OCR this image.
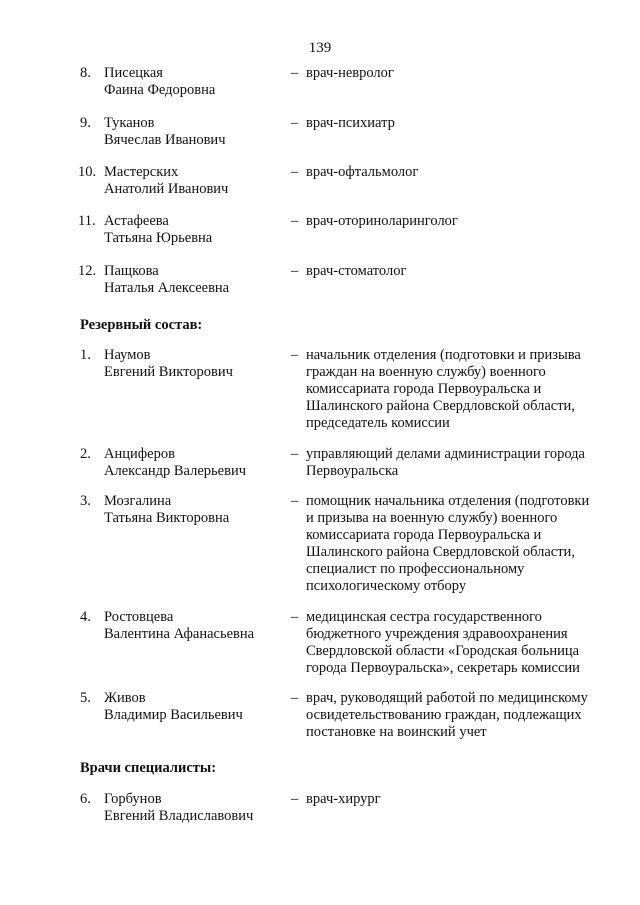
139
8. Писецкая
Фаина Федоровна
– врач-невролог
9. Туканов
Вячеслав Иванович
– врач-психиатр
10. Мастерских
Анатолий Иванович
– врач-офтальмолог
11. Астафеева
Татьяна Юрьевна
– врач-оториноларинголог
12. Пащкова
Наталья Алексеевна
– врач-стоматолог
Резервный состав:
1. Наумов
Евгений Викторович
– начальник отделения (подготовки и призыва
граждан на военную службу) военного
комиссариата города Первоуральска и
Шалинского района Свердловской области,
председатель комиссии
2. Анциферов
Александр Валерьевич
– управляющий делами администрации города
Первоуральска
3. Мозгалина
Татьяна Викторовна
– помощник начальника отделения (подготовки
и призыва на военную службу) военного
комиссариата города Первоуральска и
Шалинского района Свердловской области,
специалист по профессиональному
психологическому отбору
4. Ростовцева
Валентина Афанасьевна
– медицинская сестра государственного
бюджетного учреждения здравоохранения
Свердловской области «Городская больница
города Первоуральска», секретарь комиссии
5. Живов
Владимир Васильевич
– врач, руководящий работой по медицинскому
освидетельствованию граждан, подлежащих
постановке на воинский учет
Врачи специалисты:
6. Горбунов
Евгений Владиславович
– врач-хирург
